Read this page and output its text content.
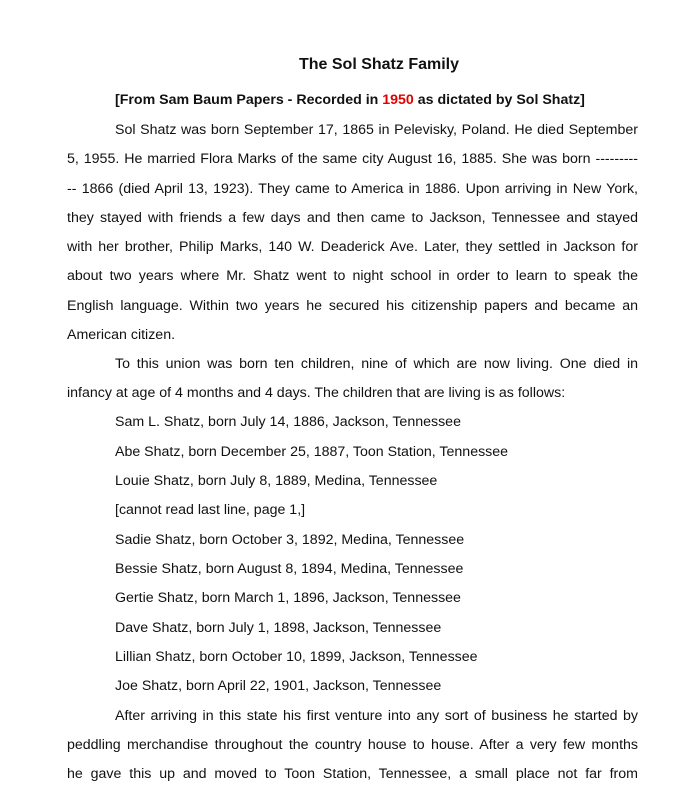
The Sol Shatz Family
[From Sam Baum Papers - Recorded in 1950 as dictated by Sol Shatz]
Sol Shatz was born September 17, 1865 in Pelevisky, Poland. He died September
5, 1955. He married Flora Marks of the same city August 16, 1885. She was born ---------
-- 1866 (died April 13, 1923). They came to America in 1886. Upon arriving in New York,
they stayed with friends a few days and then came to Jackson, Tennessee and stayed
with her brother, Philip Marks, 140 W. Deaderick Ave. Later, they settled in Jackson for
about two years where Mr. Shatz went to night school in order to learn to speak the
English language. Within two years he secured his citizenship papers and became an
American citizen.
To this union was born ten children, nine of which are now living. One died in
infancy at age of 4 months and 4 days. The children that are living is as follows:
Sam L. Shatz, born July 14, 1886, Jackson, Tennessee
Abe Shatz, born December 25, 1887, Toon Station, Tennessee
Louie Shatz, born July 8, 1889, Medina, Tennessee
[cannot read last line, page 1,]
Sadie Shatz, born October 3, 1892, Medina, Tennessee
Bessie Shatz, born August 8, 1894, Medina, Tennessee
Gertie Shatz, born March 1, 1896, Jackson, Tennessee
Dave Shatz, born July 1, 1898, Jackson, Tennessee
Lillian Shatz, born October 10, 1899, Jackson, Tennessee
Joe Shatz, born April 22, 1901, Jackson, Tennessee
After arriving in this state his first venture into any sort of business he started by
peddling merchandise throughout the country house to house. After a very few months
he gave this up and moved to Toon Station, Tennessee, a small place not far from
